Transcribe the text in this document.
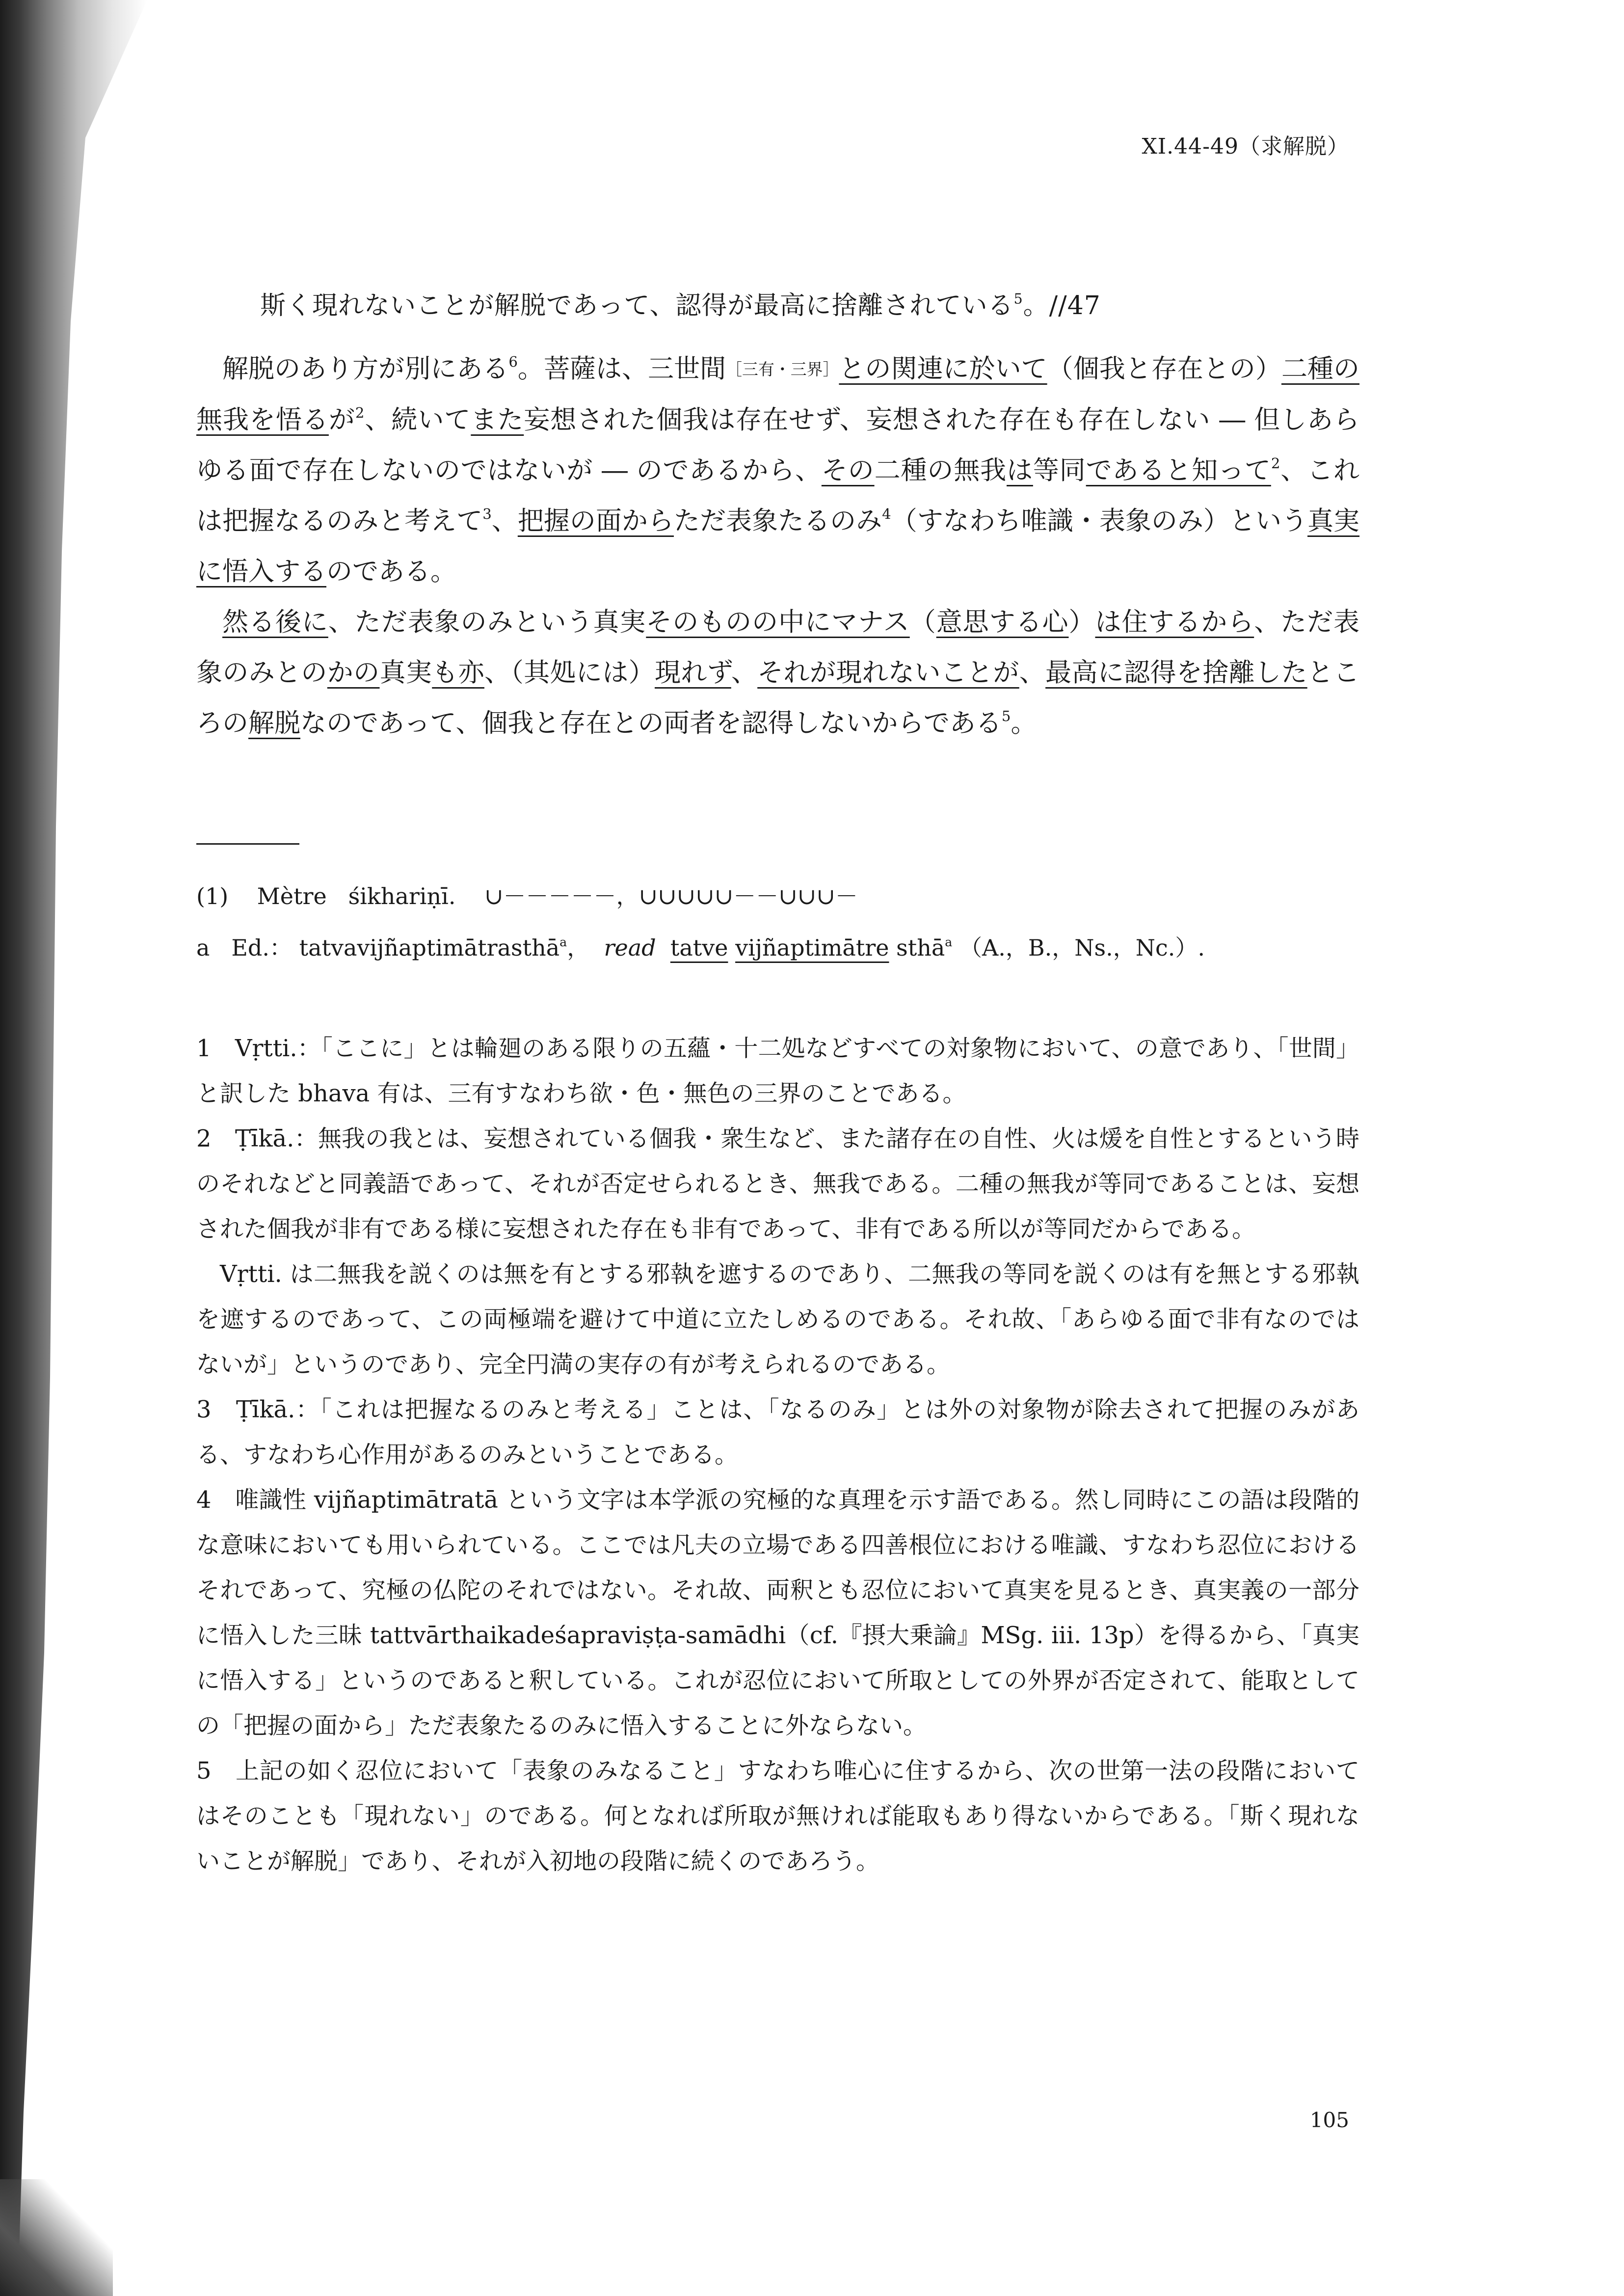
XI.44-49（求解脱）
斯く現れないことが解脱であって、認得が最高に捨離されている$^5$。//47

解脱のあり方が別にある$^6$。菩薩は、三世間［三有・三界］との関連に於いて（個我と存在との）二種の無我を悟るが$^2$、続いてまた妄想された個我は存在せず、妄想された存在も存在しない ― 但しあらゆる面で存在しないのではないが ― のであるから、その二種の無我は等同であると知って$^2$、これは把握なるのみと考えて$^3$、把握の面からただ表象たるのみ$^4$（すなわち唯識・表象のみ）という真実に悟入するのである。

然る後に、ただ表象のみという真実そのものの中にマナス（意思する心）は住するから、ただ表象のみとのかの真実も亦、（其処には）現れず、それが現れないことが、最高に認得を捨離したところの解脱なのであって、個我と存在との両者を認得しないからである$^5$。

(1) Mètre śikhariṇī. ∪－－－－－，∪∪∪∪∪－－∪∪∪－
a Ed.： tatvavijñaptimātrasthā$^a$， read tatve vijñaptimātre sthā$^a$ （A.，B.，Ns.，Nc.）.

1　Vṛtti.：「ここに」とは輪廻のある限りの五蘊・十二処などすべての対象物において、の意であり、「世間」と訳した bhava 有は、三有すなわち欲・色・無色の三界のことである。

2　Ṭīkā.：無我の我とは、妄想されている個我・衆生など、また諸存在の自性、火は煖を自性とするという時のそれなどと同義語であって、それが否定せられるとき、無我である。二種の無我が等同であることは、妄想された個我が非有である様に妄想された存在も非有であって、非有である所以が等同だからである。

Vṛtti. は二無我を説くのは無を有とする邪執を遮するのであり、二無我の等同を説くのは有を無とする邪執を遮するのであって、この両極端を避けて中道に立たしめるのである。それ故、「あらゆる面で非有なのではないが」というのであり、完全円満の実存の有が考えられるのである。

3　Ṭīkā.：「これは把握なるのみと考える」ことは、「なるのみ」とは外の対象物が除去されて把握のみがある、すなわち心作用があるのみということである。

4　唯識性 vijñaptimātratā という文字は本学派の究極的な真理を示す語である。然し同時にこの語は段階的な意味においても用いられている。ここでは凡夫の立場である四善根位における唯識、すなわち忍位におけるそれであって、究極の仏陀のそれではない。それ故、両釈とも忍位において真実を見るとき、真実義の一部分に悟入した三昧 tattvārthaikadeśapraviṣṭa-samādhi（cf.『摂大乗論』MSg. iii. 13p）を得るから、「真実に悟入する」というのであると釈している。これが忍位において所取としての外界が否定されて、能取としての「把握の面から」ただ表象たるのみに悟入することに外ならない。

5　上記の如く忍位において「表象のみなること」すなわち唯心に住するから、次の世第一法の段階においてはそのことも「現れない」のである。何となれば所取が無ければ能取もあり得ないからである。「斯く現れないことが解脱」であり、それが入初地の段階に続くのであろう。

105
